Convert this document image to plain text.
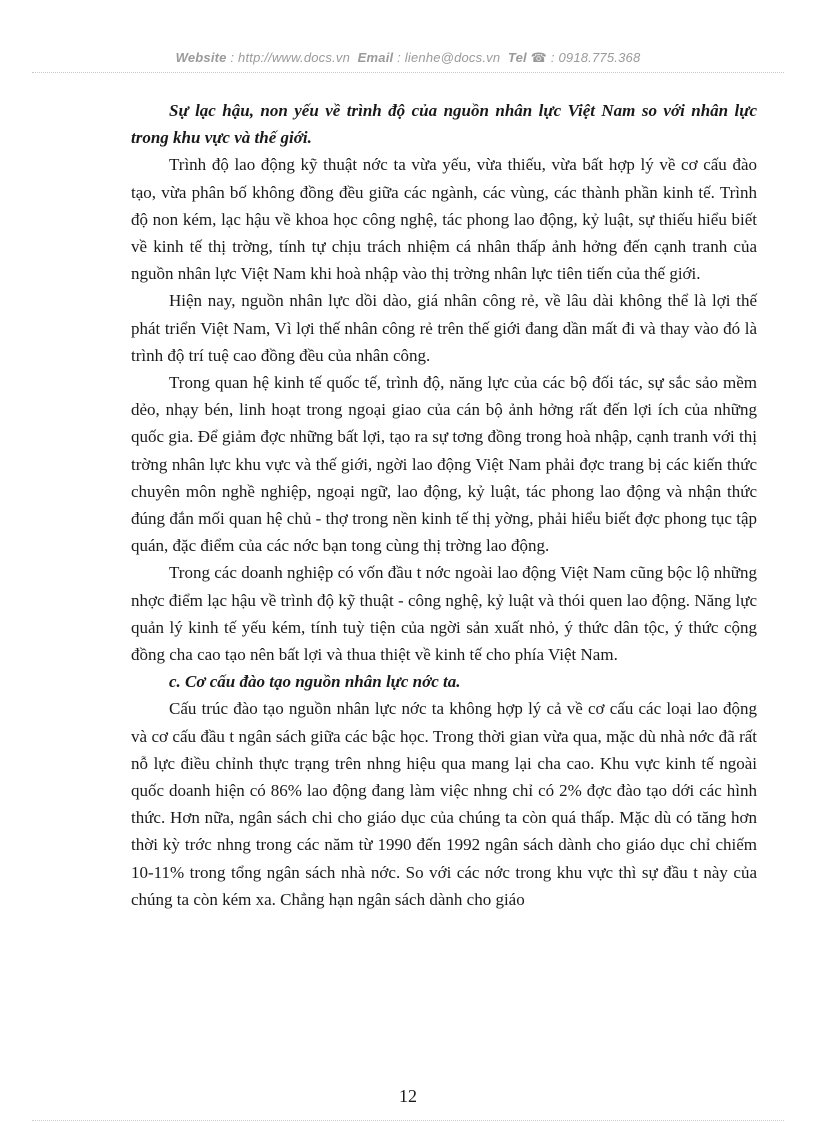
Website : http://www.docs.vn Email : lienhe@docs.vn Tel ☎ : 0918.775.368

Sự lạc hậu, non yếu về trình độ của nguồn nhân lực Việt Nam so với nhân lực trong khu vực và thế giới.

Trình độ lao động kỹ thuật nớc ta vừa yếu, vừa thiếu, vừa bất hợp lý về cơ cấu đào tạo, vừa phân bố không đồng đều giữa các ngành, các vùng, các thành phần kinh tế. Trình độ non kém, lạc hậu về khoa học công nghệ, tác phong lao động, kỷ luật, sự thiếu hiểu biết về kinh tế thị trờng, tính tự chịu trách nhiệm cá nhân thấp ảnh hởng đến cạnh tranh của nguồn nhân lực Việt Nam khi hoà nhập vào thị trờng nhân lực tiên tiến của thế giới.

Hiện nay, nguồn nhân lực dồi dào, giá nhân công rẻ, về lâu dài không thể là lợi thế phát triển Việt Nam, Vì lợi thế nhân công rẻ trên thế giới đang dần mất đi và thay vào đó là trình độ trí tuệ cao đồng đều của nhân công.

Trong quan hệ kinh tế quốc tế, trình độ, năng lực của các bộ đối tác, sự sắc sảo mềm dẻo, nhạy bén, linh hoạt trong ngoại giao của cán bộ ảnh hởng rất đến lợi ích của những quốc gia. Để giảm đợc những bất lợi, tạo ra sự tơng đồng trong hoà nhập, cạnh tranh với thị trờng nhân lực khu vực và thế giới, ngời lao động Việt Nam phải đợc trang bị các kiến thức chuyên môn nghề nghiệp, ngoại ngữ, lao động, kỷ luật, tác phong lao động và nhận thức đúng đắn mối quan hệ chủ - thợ trong nền kinh tế thị yờng, phải hiểu biết đợc phong tục tập quán, đặc điểm của các nớc bạn tong cùng thị trờng lao động.

Trong các doanh nghiệp có vốn đầu t nớc ngoài lao động Việt Nam cũng bộc lộ những nhợc điểm lạc hậu về trình độ kỹ thuật - công nghệ, kỷ luật và thói quen lao động. Năng lực quản lý kinh tế yếu kém, tính tuỳ tiện của ngời sản xuất nhỏ, ý thức dân tộc, ý thức cộng đồng cha cao tạo nên bất lợi và thua thiệt về kinh tế cho phía Việt Nam.

c. Cơ cấu đào tạo nguồn nhân lực nớc ta.

Cấu trúc đào tạo nguồn nhân lực nớc ta không hợp lý cả về cơ cấu các loại lao động và cơ cấu đầu t ngân sách giữa các bậc học. Trong thời gian vừa qua, mặc dù nhà nớc đã rất nỗ lực điều chỉnh thực trạng trên nhng hiệu qua mang lại cha cao. Khu vực kinh tế ngoài quốc doanh hiện có 86% lao động đang làm việc nhng chỉ có 2% đợc đào tạo dới các hình thức. Hơn nữa, ngân sách chi cho giáo dục của chúng ta còn quá thấp. Mặc dù có tăng hơn thời kỳ trớc nhng trong các năm từ 1990 đến 1992 ngân sách dành cho giáo dục chỉ chiếm 10-11% trong tổng ngân sách nhà nớc. So với các nớc trong khu vực thì sự đầu t này của chúng ta còn kém xa. Chẳng hạn ngân sách dành cho giáo

12
